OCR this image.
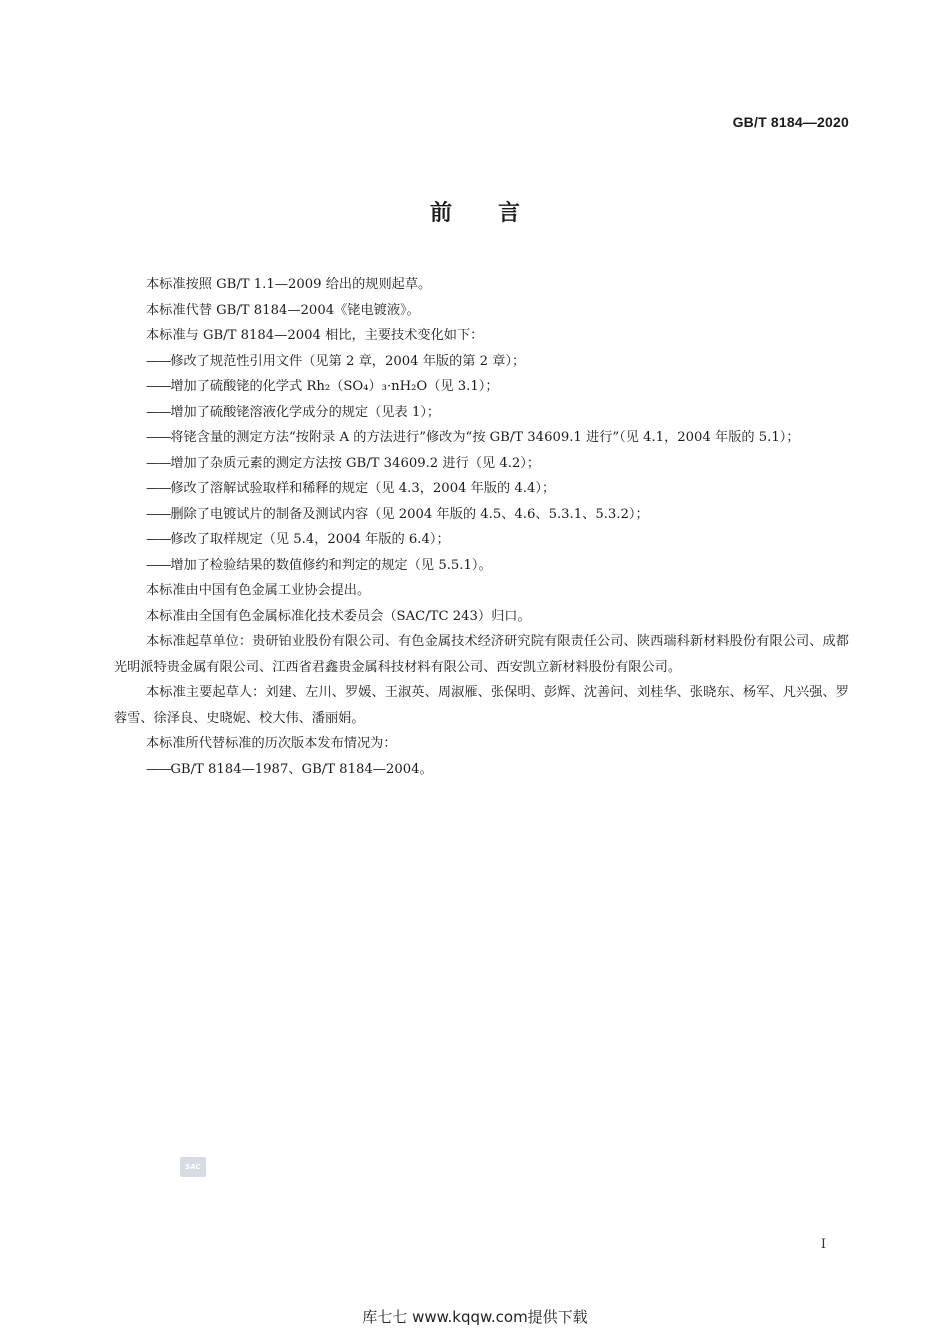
GB/T 8184—2020
前言

本标准按照 GB/T 1.1—2009 给出的规则起草。

本标准代替 GB/T 8184—2004《铑电镀液》。

本标准与 GB/T 8184—2004 相比，主要技术变化如下：

——修改了规范性引用文件（见第 2 章，2004 年版的第 2 章）；

——增加了硫酸铑的化学式 Rh₂（SO₄）₃·nH₂O（见 3.1）；

——增加了硫酸铑溶液化学成分的规定（见表 1）；

——将铑含量的测定方法“按附录 A 的方法进行”修改为“按 GB/T 34609.1 进行”（见 4.1，2004 年版的 5.1）；

——增加了杂质元素的测定方法按 GB/T 34609.2 进行（见 4.2）；

——修改了溶解试验取样和稀释的规定（见 4.3，2004 年版的 4.4）；

——删除了电镀试片的制备及测试内容（见 2004 年版的 4.5、4.6、5.3.1、5.3.2）；

——修改了取样规定（见 5.4，2004 年版的 6.4）；

——增加了检验结果的数值修约和判定的规定（见 5.5.1）。

本标准由中国有色金属工业协会提出。

本标准由全国有色金属标准化技术委员会（SAC/TC 243）归口。

本标准起草单位：贵研铂业股份有限公司、有色金属技术经济研究院有限责任公司、陕西瑞科新材料股份有限公司、成都光明派特贵金属有限公司、江西省君鑫贵金属科技材料有限公司、西安凯立新材料股份有限公司。

本标准主要起草人：刘建、左川、罗媛、王淑英、周淑雁、张保明、彭辉、沈善问、刘桂华、张晓东、杨军、凡兴强、罗蓉雪、徐泽良、史晓妮、校大伟、潘丽娟。

本标准所代替标准的历次版本发布情况为：

——GB/T 8184—1987、GB/T 8184—2004。

SAC
I
库七七 www.kqqw.com提供下载
